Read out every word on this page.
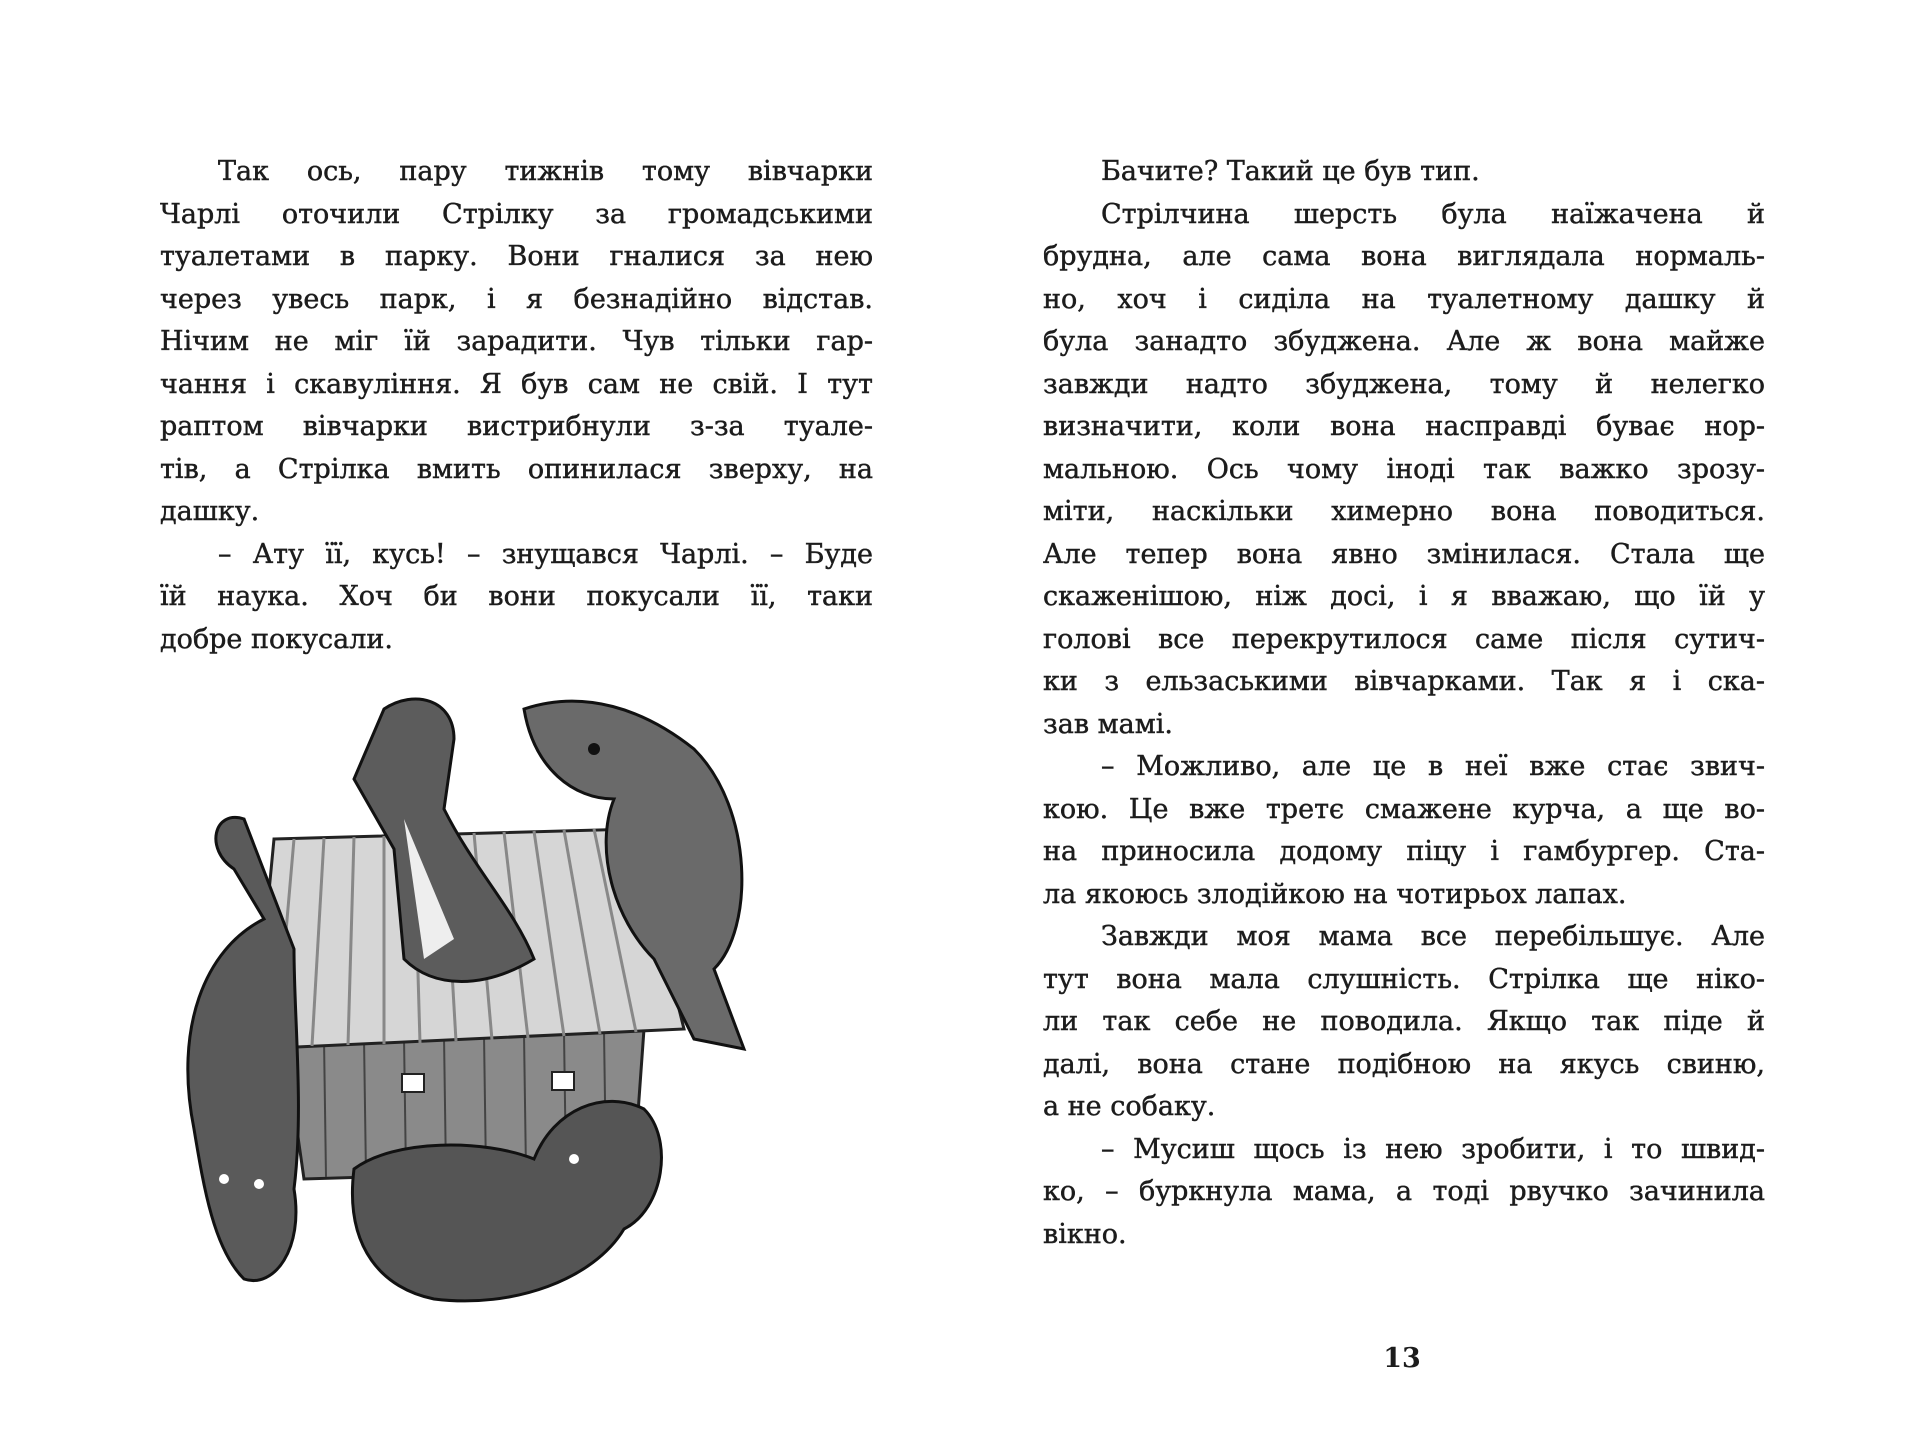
Так ось, пару тижнів тому вівчарки
Чарлі оточили Стрілку за громадськими
туалетами в парку. Вони гналися за нею
через увесь парк, і я безнадійно відстав.
Нічим не міг їй зарадити. Чув тільки гар-
чання і скавуління. Я був сам не свій. І тут
раптом вівчарки вистрибнули з-за туале-
тів, а Стрілка вмить опинилася зверху, на
дашку.
– Ату її, кусь! – знущався Чарлі. – Буде
їй наука. Хоч би вони покусали її, таки
добре покусали.
Бачите? Такий це був тип.
Стрілчина шерсть була наїжачена й
брудна, але сама вона виглядала нормаль-
но, хоч і сиділа на туалетному дашку й
була занадто збуджена. Але ж вона майже
завжди надто збуджена, тому й нелегко
визначити, коли вона насправді буває нор-
мальною. Ось чому іноді так важко зрозу-
міти, наскільки химерно вона поводиться.
Але тепер вона явно змінилася. Стала ще
скаженішою, ніж досі, і я вважаю, що їй у
голові все перекрутилося саме після сутич-
ки з ельзаськими вівчарками. Так я і ска-
зав мамі.
– Можливо, але це в неї вже стає звич-
кою. Це вже третє смажене курча, а ще во-
на приносила додому піцу і гамбургер. Ста-
ла якоюсь злодійкою на чотирьох лапах.
Завжди моя мама все перебільшує. Але
тут вона мала слушність. Стрілка ще ніко-
ли так себе не поводила. Якщо так піде й
далі, вона стане подібною на якусь свиню,
а не собаку.
– Мусиш щось із нею зробити, і то швид-
ко, – буркнула мама, а тоді рвучко зачинила
вікно.
13
